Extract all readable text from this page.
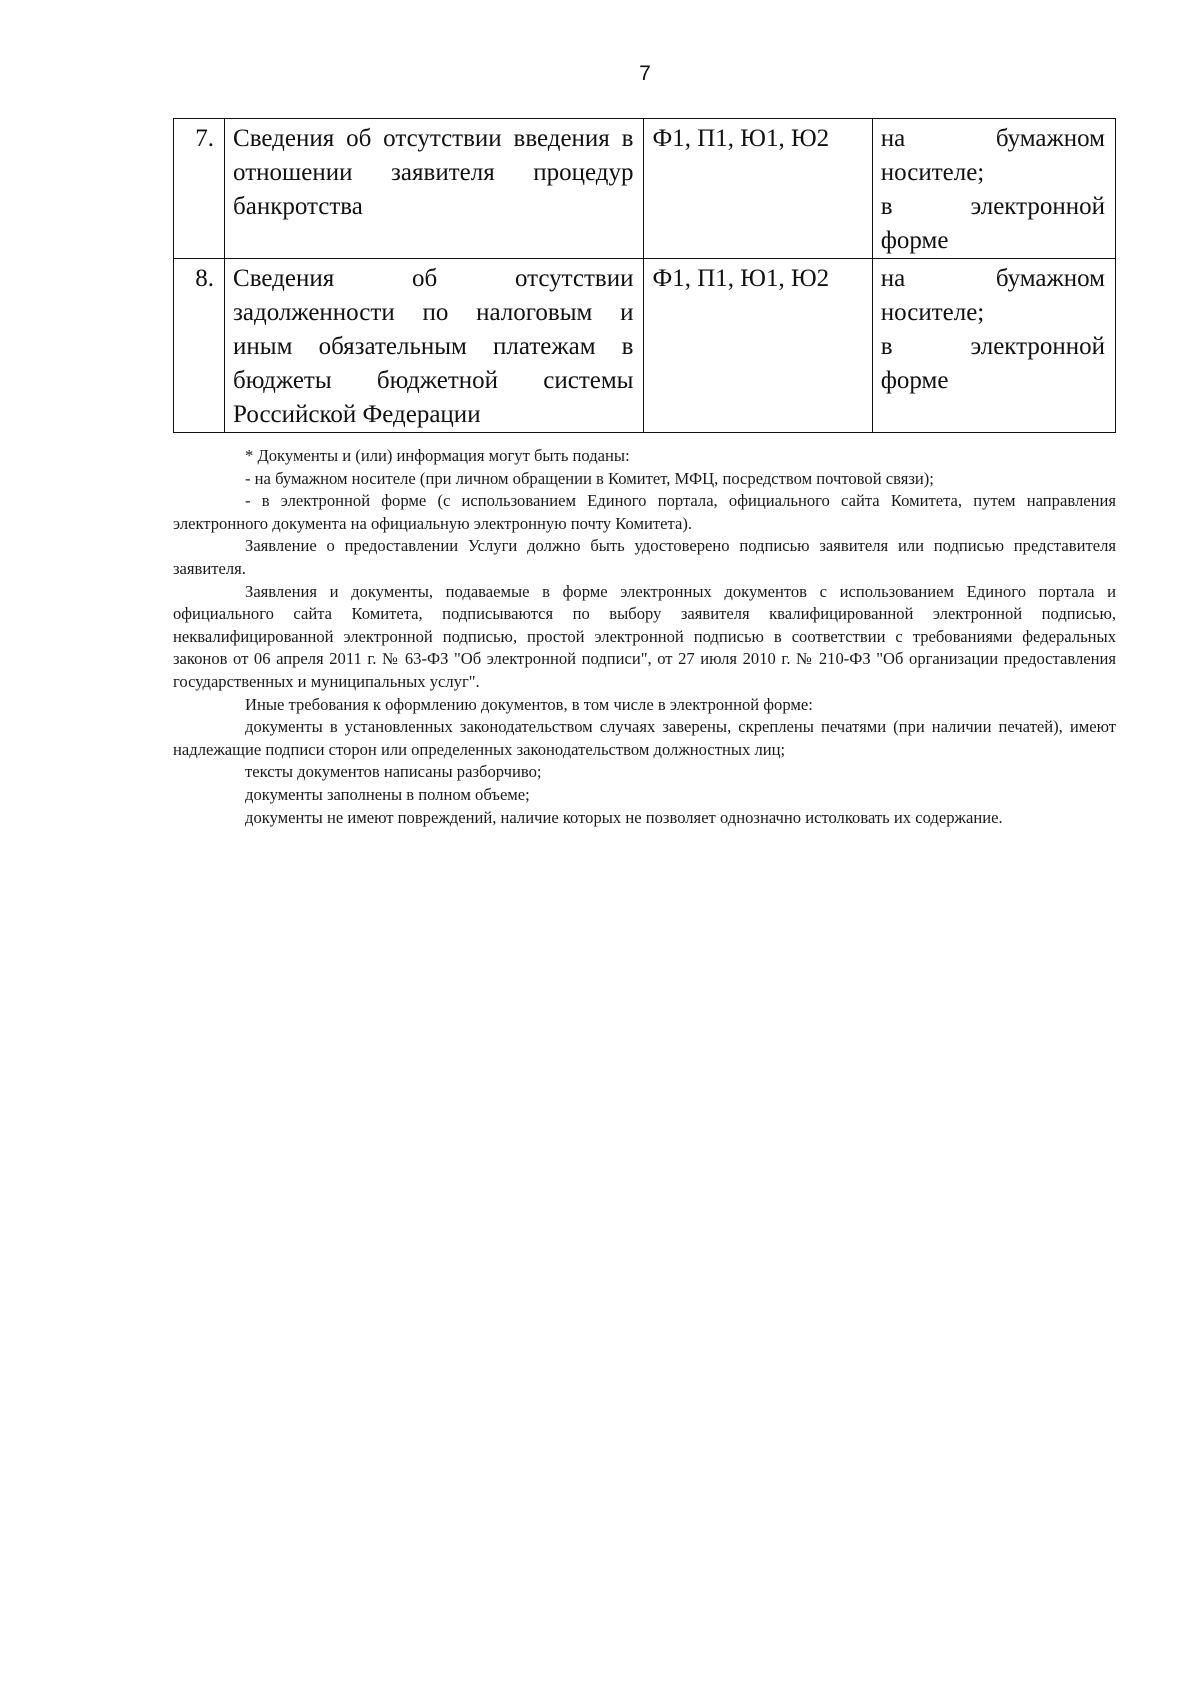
7
7.	Сведения об отсутствии введения в отношении заявителя процедур банкротства	Ф1, П1, Ю1, Ю2	на бумажном
носителе;
в электронной
форме

8.	Сведения об отсутствии задолженности по налоговым и иным обязательным платежам в бюджеты бюджетной системы Российской Федерации	Ф1, П1, Ю1, Ю2	на бумажном
носителе;
в электронной
форме

* Документы и (или) информация могут быть поданы:

- на бумажном носителе (при личном обращении в Комитет, МФЦ, посредством почтовой связи);

- в электронной форме (с использованием Единого портала, официального сайта Комитета, путем направления электронного документа на официальную электронную почту Комитета).

Заявление о предоставлении Услуги должно быть удостоверено подписью заявителя или подписью представителя заявителя.

Заявления и документы, подаваемые в форме электронных документов с использованием Единого портала и официального сайта Комитета, подписываются по выбору заявителя квалифицированной электронной подписью, неквалифицированной электронной подписью, простой электронной подписью в соответствии с требованиями федеральных законов от 06 апреля 2011 г. № 63-ФЗ "Об электронной подписи", от 27 июля 2010 г. № 210-ФЗ "Об организации предоставления государственных и муниципальных услуг".

Иные требования к оформлению документов, в том числе в электронной форме:

документы в установленных законодательством случаях заверены, скреплены печатями (при наличии печатей), имеют надлежащие подписи сторон или определенных законодательством должностных лиц;

тексты документов написаны разборчиво;

документы заполнены в полном объеме;

документы не имеют повреждений, наличие которых не позволяет однозначно истолковать их содержание.
